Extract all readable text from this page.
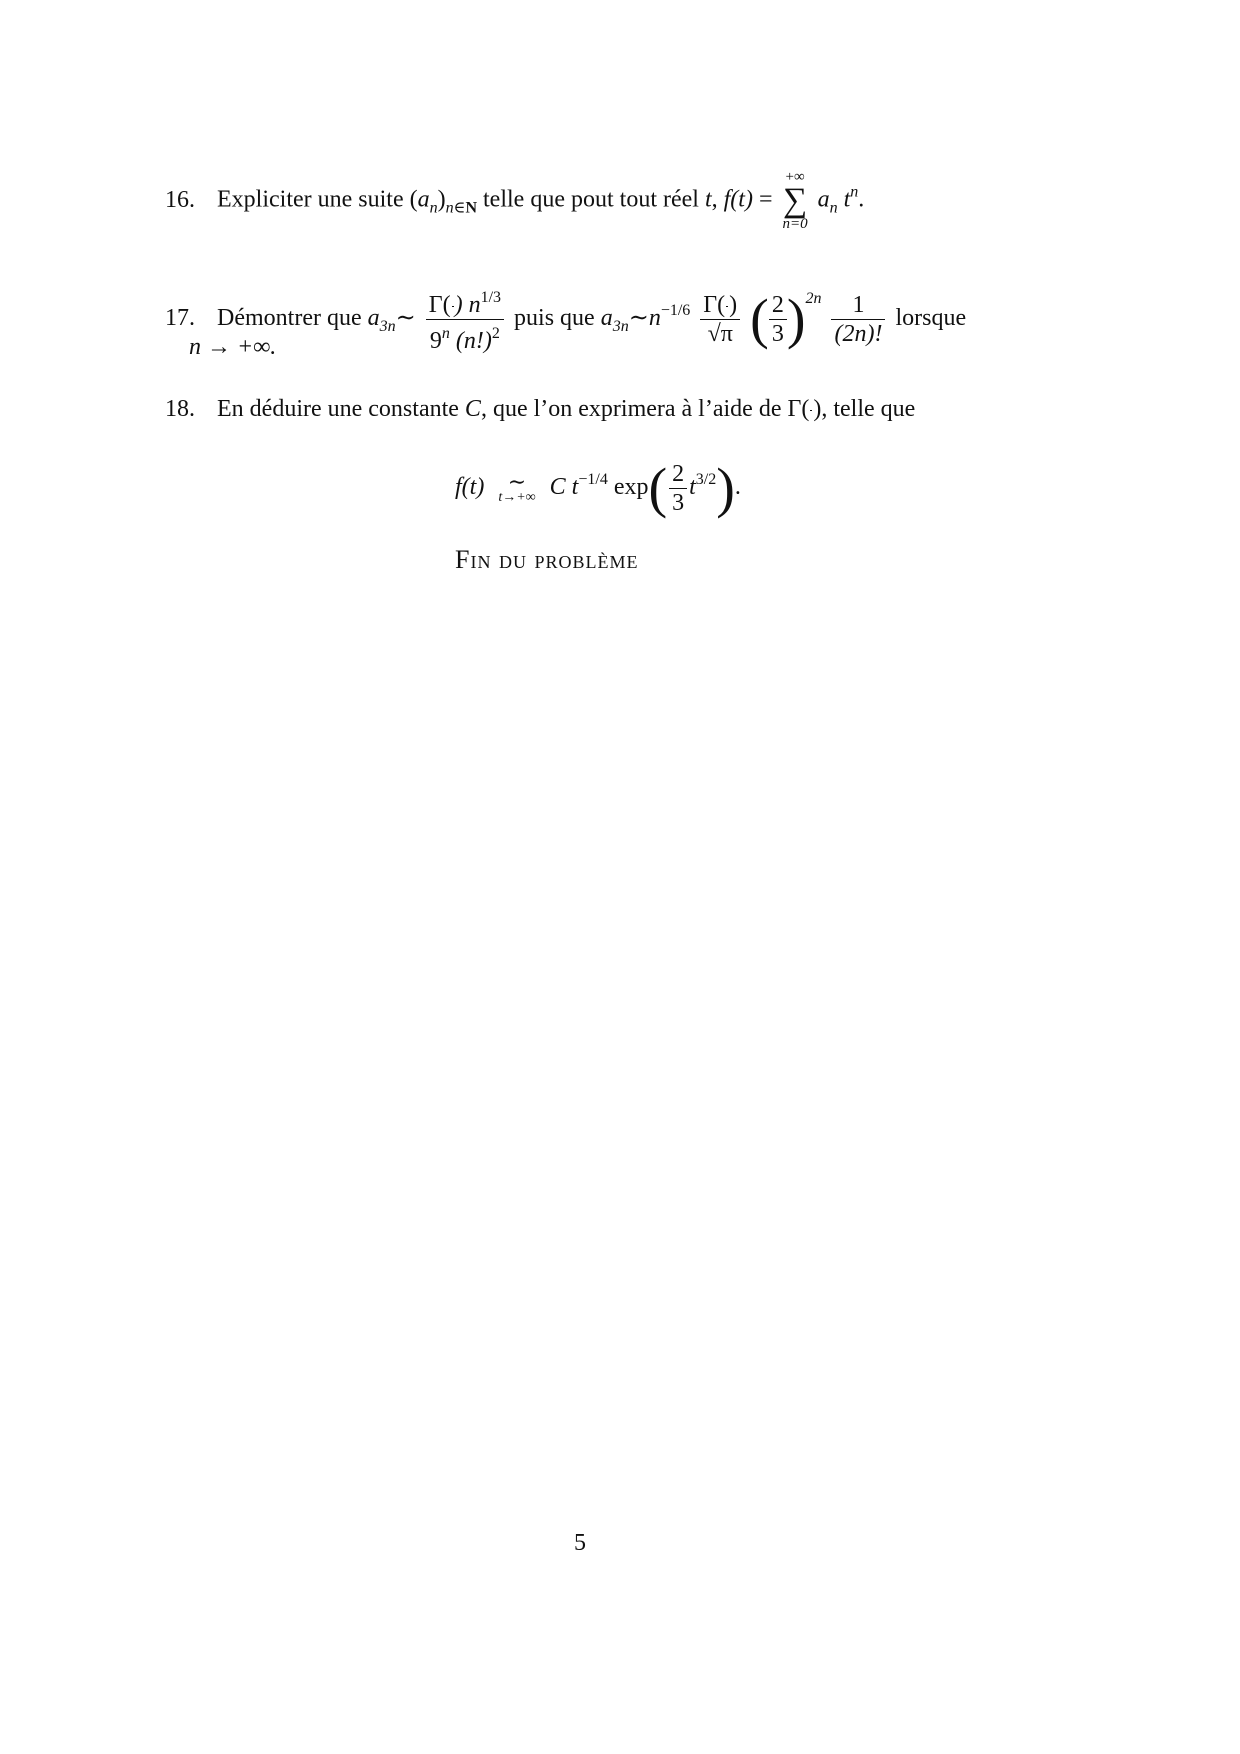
16. Expliciter une suite $(a_n)_{n\in N}$ telle que pout tout réel t, f(t) =
+∞
∑
n=0
$a_n$ $t^n$.
17. Démontrer que $a_{3n}\sim \frac{\Gamma( ) n^{1/3}}{9^n (n!)^2}$ puis que $a_{3n}\sim n^{-1/6} \frac{\Gamma( )}{√\pi}$ ( $\frac{2}{3} )^{2n} \frac{1}{(2n)!}$ lorsque
n → +∞.
18. En déduire une constante C, que l’on exprimera à l’aide de Γ( ), telle que
f(t)	∼
t→+∞ C $t^{-1/4}$ $\exp( \frac{2}{3} t^{3/2})$.
Fin du problème
5
